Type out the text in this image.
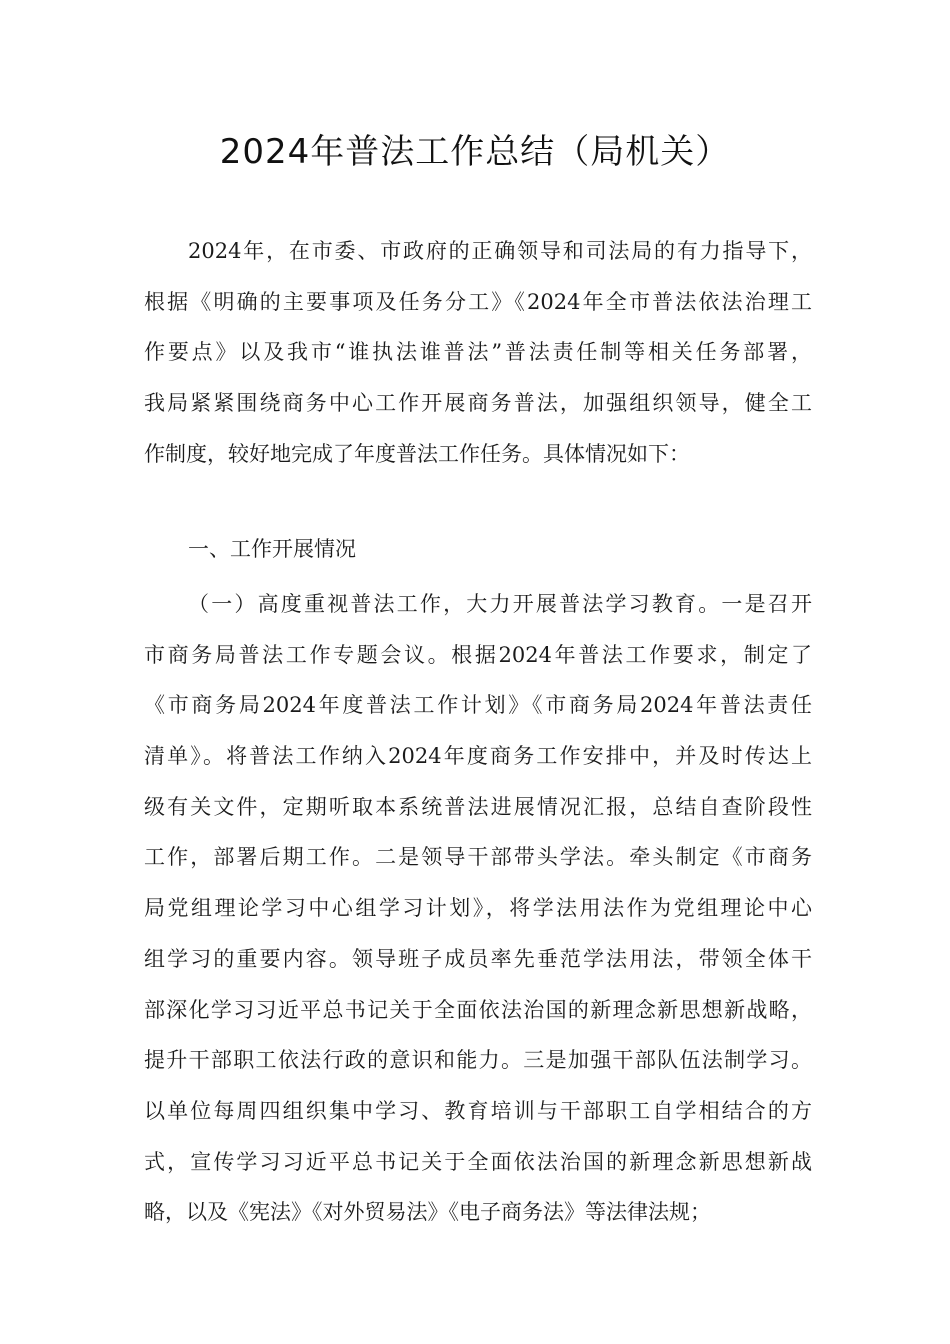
2024年普法工作总结（局机关）
2024年，在市委、市政府的正确领导和司法局的有力指导下，
根据《明确的主要事项及任务分工》《2024年全市普法依法治理工
作要点》以及我市“谁执法谁普法”普法责任制等相关任务部署，
我局紧紧围绕商务中心工作开展商务普法，加强组织领导，健全工
作制度，较好地完成了年度普法工作任务。具体情况如下：
一、工作开展情况
（一）高度重视普法工作，大力开展普法学习教育。一是召开
市商务局普法工作专题会议。根据2024年普法工作要求，制定了
《市商务局2024年度普法工作计划》《市商务局2024年普法责任
清单》。将普法工作纳入2024年度商务工作安排中，并及时传达上
级有关文件，定期听取本系统普法进展情况汇报，总结自查阶段性
工作，部署后期工作。二是领导干部带头学法。牵头制定《市商务
局党组理论学习中心组学习计划》，将学法用法作为党组理论中心
组学习的重要内容。领导班子成员率先垂范学法用法，带领全体干
部深化学习习近平总书记关于全面依法治国的新理念新思想新战略，
提升干部职工依法行政的意识和能力。三是加强干部队伍法制学习。
以单位每周四组织集中学习、教育培训与干部职工自学相结合的方
式，宣传学习习近平总书记关于全面依法治国的新理念新思想新战
略，以及《宪法》《对外贸易法》《电子商务法》等法律法规；
